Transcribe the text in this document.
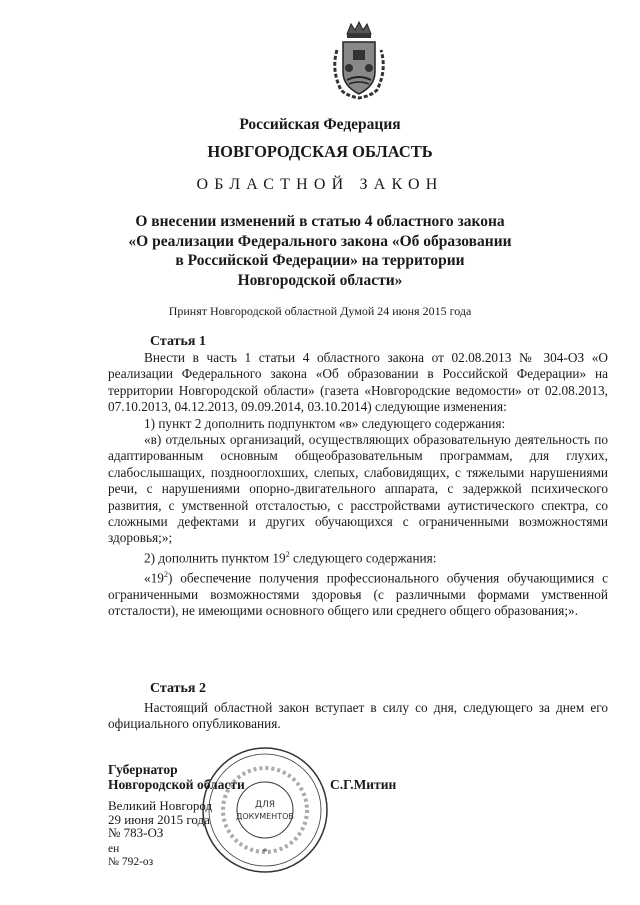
Российская Федерация
НОВГОРОДСКАЯ ОБЛАСТЬ
ОБЛАСТНОЙ ЗАКОН
О внесении изменений в статью 4 областного закона
«О реализации Федерального закона «Об образовании
в Российской Федерации» на территории
Новгородской области»
Принят Новгородской областной Думой 24 июня 2015 года
Статья 1

Внести в часть 1 статьи 4 областного закона от 02.08.2013 № 304-ОЗ «О реализации Федерального закона «Об образовании в Российской Федерации» на территории Новгородской области» (газета «Новгородские ведомости» от 02.08.2013, 07.10.2013, 04.12.2013, 09.09.2014, 03.10.2014) следующие изменения:

1) пункт 2 дополнить подпунктом «в» следующего содержания:

«в) отдельных организаций, осуществляющих образовательную деятельность по адаптированным основным общеобразовательным программам, для глухих, слабослышащих, позднооглохших, слепых, слабовидящих, с тяжелыми нарушениями речи, с нарушениями опорно-двигательного аппарата, с задержкой психического развития, с умственной отсталостью, с расстройствами аутистического спектра, со сложными дефектами и других обучающихся с ограниченными возможностями здоровья;»;

2) дополнить пунктом $19^2$ следующего содержания:

«$19^2$) обеспечение получения профессионального обучения обучающимися с ограниченными возможностями здоровья (с различными формами умственной отсталости), не имеющими основного общего или среднего общего образования;».

Статья 2

Настоящий областной закон вступает в силу со дня, следующего за днем его официального опубликования.

ДЛЯ
ДОКУМЕНТОВ
*
Губернатор
Новгородской области	С.Г.Митин
Великий Новгород
29 июня 2015 года
№ 783-ОЗ
ен
№ 792-оз
